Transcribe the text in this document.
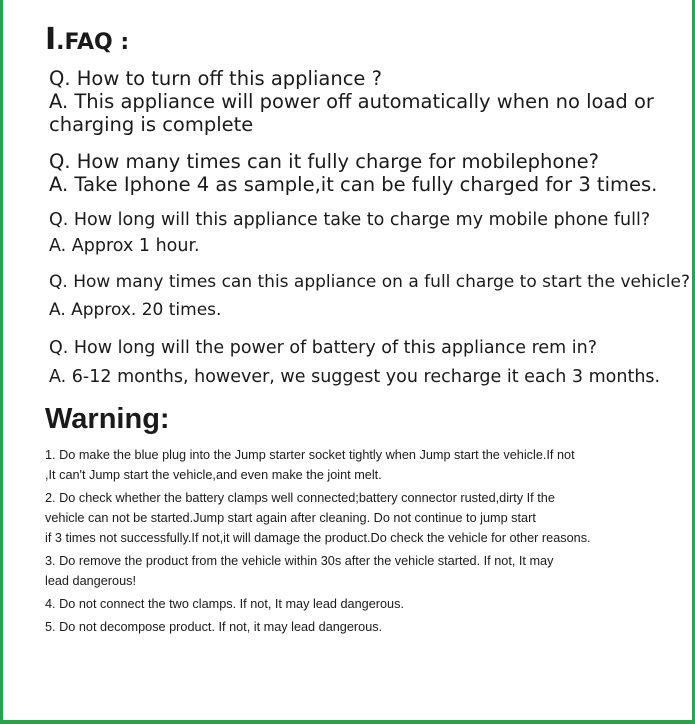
I.FAQ :

Q. How to turn off this appliance ?

A. This appliance will power off automatically when no load or

charging is complete

Q. How many times can it fully charge for mobilephone?

A. Take Iphone 4 as sample,it can be fully charged for 3 times.

Q. How long will this appliance take to charge my mobile phone full?

A. Approx 1 hour.

Q. How many times can this appliance on a full charge to start the vehicle?

A. Approx. 20 times.

Q. How long will the power of battery of this appliance rem in?

A. 6-12 months, however, we suggest you recharge it each 3 months.

Warning:
1. Do make the blue plug into the Jump starter socket tightly when Jump start the vehicle.If not
,It can't Jump start the vehicle,and even make the joint melt.
2. Do check whether the battery clamps well connected;battery connector rusted,dirty If the
vehicle can not be started.Jump start again after cleaning. Do not continue to jump start
if 3 times not successfully.If not,it will damage the product.Do check the vehicle for other reasons.
3. Do remove the product from the vehicle within 30s after the vehicle started. If not, It may
lead dangerous!
4. Do not connect the two clamps. If not, It may lead dangerous.
5. Do not decompose product. If not, it may lead dangerous.
